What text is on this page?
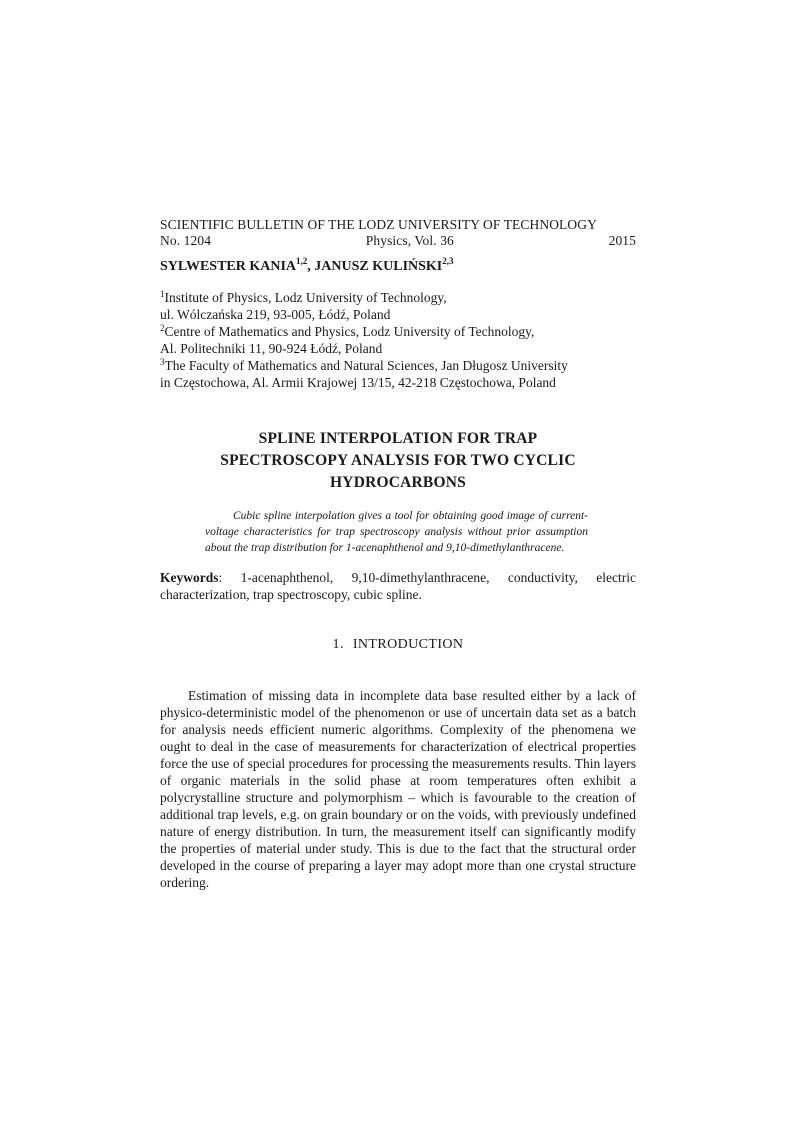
SCIENTIFIC BULLETIN OF THE LODZ UNIVERSITY OF TECHNOLOGY
No. 1204	Physics, Vol. 36	2015
SYLWESTER KANIA$^{1,2}$, JANUSZ KULIŃSKI$^{2,3}$
$^1$Institute of Physics, Lodz University of Technology,
ul. Wólczańska 219, 93-005, Łódź, Poland
$^2$Centre of Mathematics and Physics, Lodz University of Technology,
Al. Politechniki 11, 90-924 Łódź, Poland
$^3$The Faculty of Mathematics and Natural Sciences, Jan Długosz University
in Częstochowa, Al. Armii Krajowej 13/15, 42-218 Częstochowa, Poland
SPLINE INTERPOLATION FOR TRAP
SPECTROSCOPY ANALYSIS FOR TWO CYCLIC
HYDROCARBONS
Cubic spline interpolation gives a tool for obtaining good image of current-voltage characteristics for trap spectroscopy analysis without prior assumption about the trap distribution for 1-acenaphthenol and 9,10-dimethylanthracene.
Keywords: 1-acenaphthenol, 9,10-dimethylanthracene, conductivity, electric characterization, trap spectroscopy, cubic spline.
1. INTRODUCTION
Estimation of missing data in incomplete data base resulted either by a lack of physico-deterministic model of the phenomenon or use of uncertain data set as a batch for analysis needs efficient numeric algorithms. Complexity of the phenomena we ought to deal in the case of measurements for characterization of electrical properties force the use of special procedures for processing the measurements results. Thin layers of organic materials in the solid phase at room temperatures often exhibit a polycrystalline structure and polymorphism – which is favourable to the creation of additional trap levels, e.g. on grain boundary or on the voids, with previously undefined nature of energy distribution. In turn, the measurement itself can significantly modify the properties of material under study. This is due to the fact that the structural order developed in the course of preparing a layer may adopt more than one crystal structure ordering.
